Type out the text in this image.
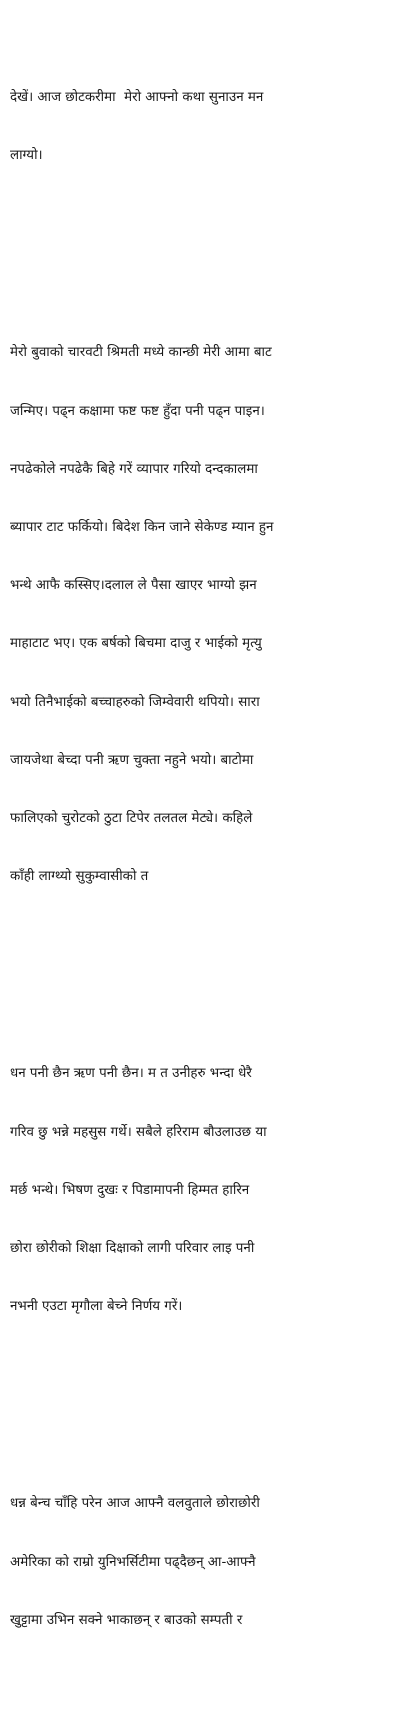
देखें। आज छोटकरीमा  मेरो आफ्नो कथा सुनाउन मन

लाग्यो।

मेरो बुवाको चारवटी श्रिमती मध्ये कान्छी मेरी आमा बाट

जन्मिए। पढ्न कक्षामा फष्ट फष्ट हुँदा पनी पढ्न पाइन।

नपढेकोले नपढेकै बिहे गरें व्यापार गरियो दन्दकालमा

ब्यापार टाट फर्कियो। बिदेश किन जाने सेकेण्ड म्यान हुन

भन्थे आफै कस्सिए।दलाल ले पैसा खाएर भाग्यो झन

माहाटाट भए। एक बर्षको बिचमा दाजु र भाईको मृत्यु

भयो तिनैभाईको बच्चाहरुको जिम्वेवारी थपियो। सारा

जायजेथा बेच्दा पनी ऋण चुक्ता नहुने भयो। बाटोमा

फालिएको चुरोटको ठुटा टिपेर तलतल मेट्ये। कहिले

काँही लाग्थ्यो सुकुम्वासीको त

धन पनी छैन ऋण पनी छैन। म त उनीहरु भन्दा धेरै

गरिव छु भन्ने महसुस गर्थे। सबैले हरिराम बौउलाउछ या

मर्छ भन्थे। भिषण दुखः र पिडामापनी हिम्मत हारिन

छोरा छोरीको शिक्षा दिक्षाको लागी परिवार लाइ पनी

नभनी एउटा मृगौला बेच्ने निर्णय गरें।

धन्न बेन्च चाँहि परेन आज आफ्नै वलवुताले छोराछोरी

अमेरिका को राम्रो युनिभर्सिटीमा पढ्दैछन् आ-आफ्नै

खुट्टामा उभिन सक्ने भाकाछन् र बाउको सम्पती र
